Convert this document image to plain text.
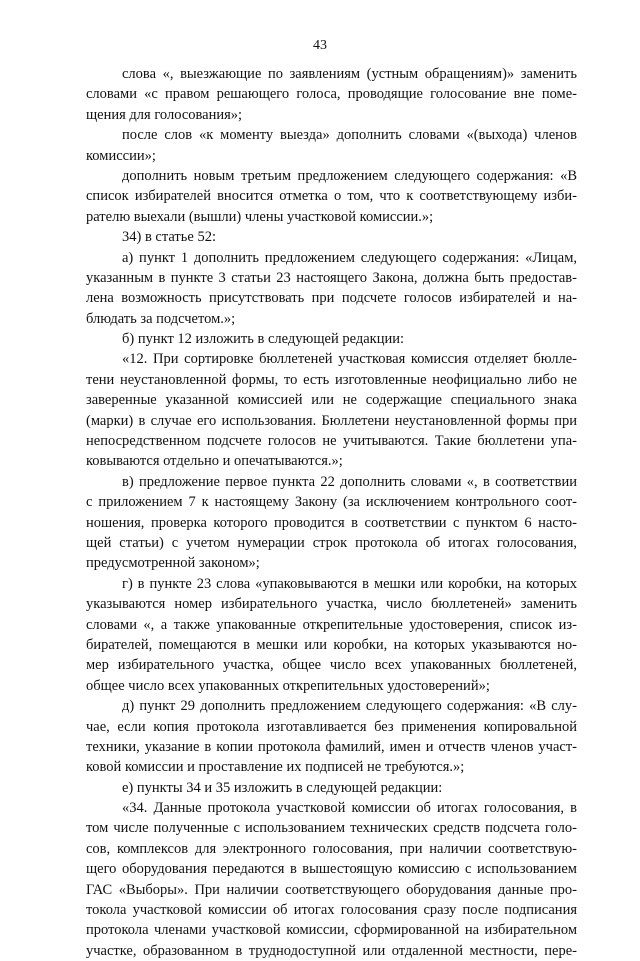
43
слова «, выезжающие по заявлениям (устным обращениям)» заменить
словами «с правом решающего голоса, проводящие голосование вне поме-
щения для голосования»;
после слов «к моменту выезда» дополнить словами «(выхода) членов
комиссии»;
дополнить новым третьим предложением следующего содержания: «В
список избирателей вносится отметка о том, что к соответствующему изби-
рателю выехали (вышли) члены участковой комиссии.»;
34) в статье 52:
а) пункт 1 дополнить предложением следующего содержания: «Лицам,
указанным в пункте 3 статьи 23 настоящего Закона, должна быть предостав-
лена возможность присутствовать при подсчете голосов избирателей и на-
блюдать за подсчетом.»;
б) пункт 12 изложить в следующей редакции:
«12. При сортировке бюллетеней участковая комиссия отделяет бюлле-
тени неустановленной формы, то есть изготовленные неофициально либо не
заверенные указанной комиссией или не содержащие специального знака
(марки) в случае его использования. Бюллетени неустановленной формы при
непосредственном подсчете голосов не учитываются. Такие бюллетени упа-
ковываются отдельно и опечатываются.»;
в) предложение первое пункта 22 дополнить словами «, в соответствии
с приложением 7 к настоящему Закону (за исключением контрольного соот-
ношения, проверка которого проводится в соответствии с пунктом 6 насто-
щей статьи) с учетом нумерации строк протокола об итогах голосования,
предусмотренной законом»;
г) в пункте 23 слова «упаковываются в мешки или коробки, на которых
указываются номер избирательного участка, число бюллетеней» заменить
словами «, а также упакованные открепительные удостоверения, список из-
бирателей, помещаются в мешки или коробки, на которых указываются но-
мер избирательного участка, общее число всех упакованных бюллетеней,
общее число всех упакованных открепительных удостоверений»;
д) пункт 29 дополнить предложением следующего содержания: «В слу-
чае, если копия протокола изготавливается без применения копировальной
техники, указание в копии протокола фамилий, имен и отчеств членов участ-
ковой комиссии и проставление их подписей не требуются.»;
е) пункты 34 и 35 изложить в следующей редакции:
«34. Данные протокола участковой комиссии об итогах голосования, в
том числе полученные с использованием технических средств подсчета голо-
сов, комплексов для электронного голосования, при наличии соответствую-
щего оборудования передаются в вышестоящую комиссию с использованием
ГАС «Выборы». При наличии соответствующего оборудования данные про-
токола участковой комиссии об итогах голосования сразу после подписания
протокола членами участковой комиссии, сформированной на избирательном
участке, образованном в труднодоступной или отдаленной местности, пере-
